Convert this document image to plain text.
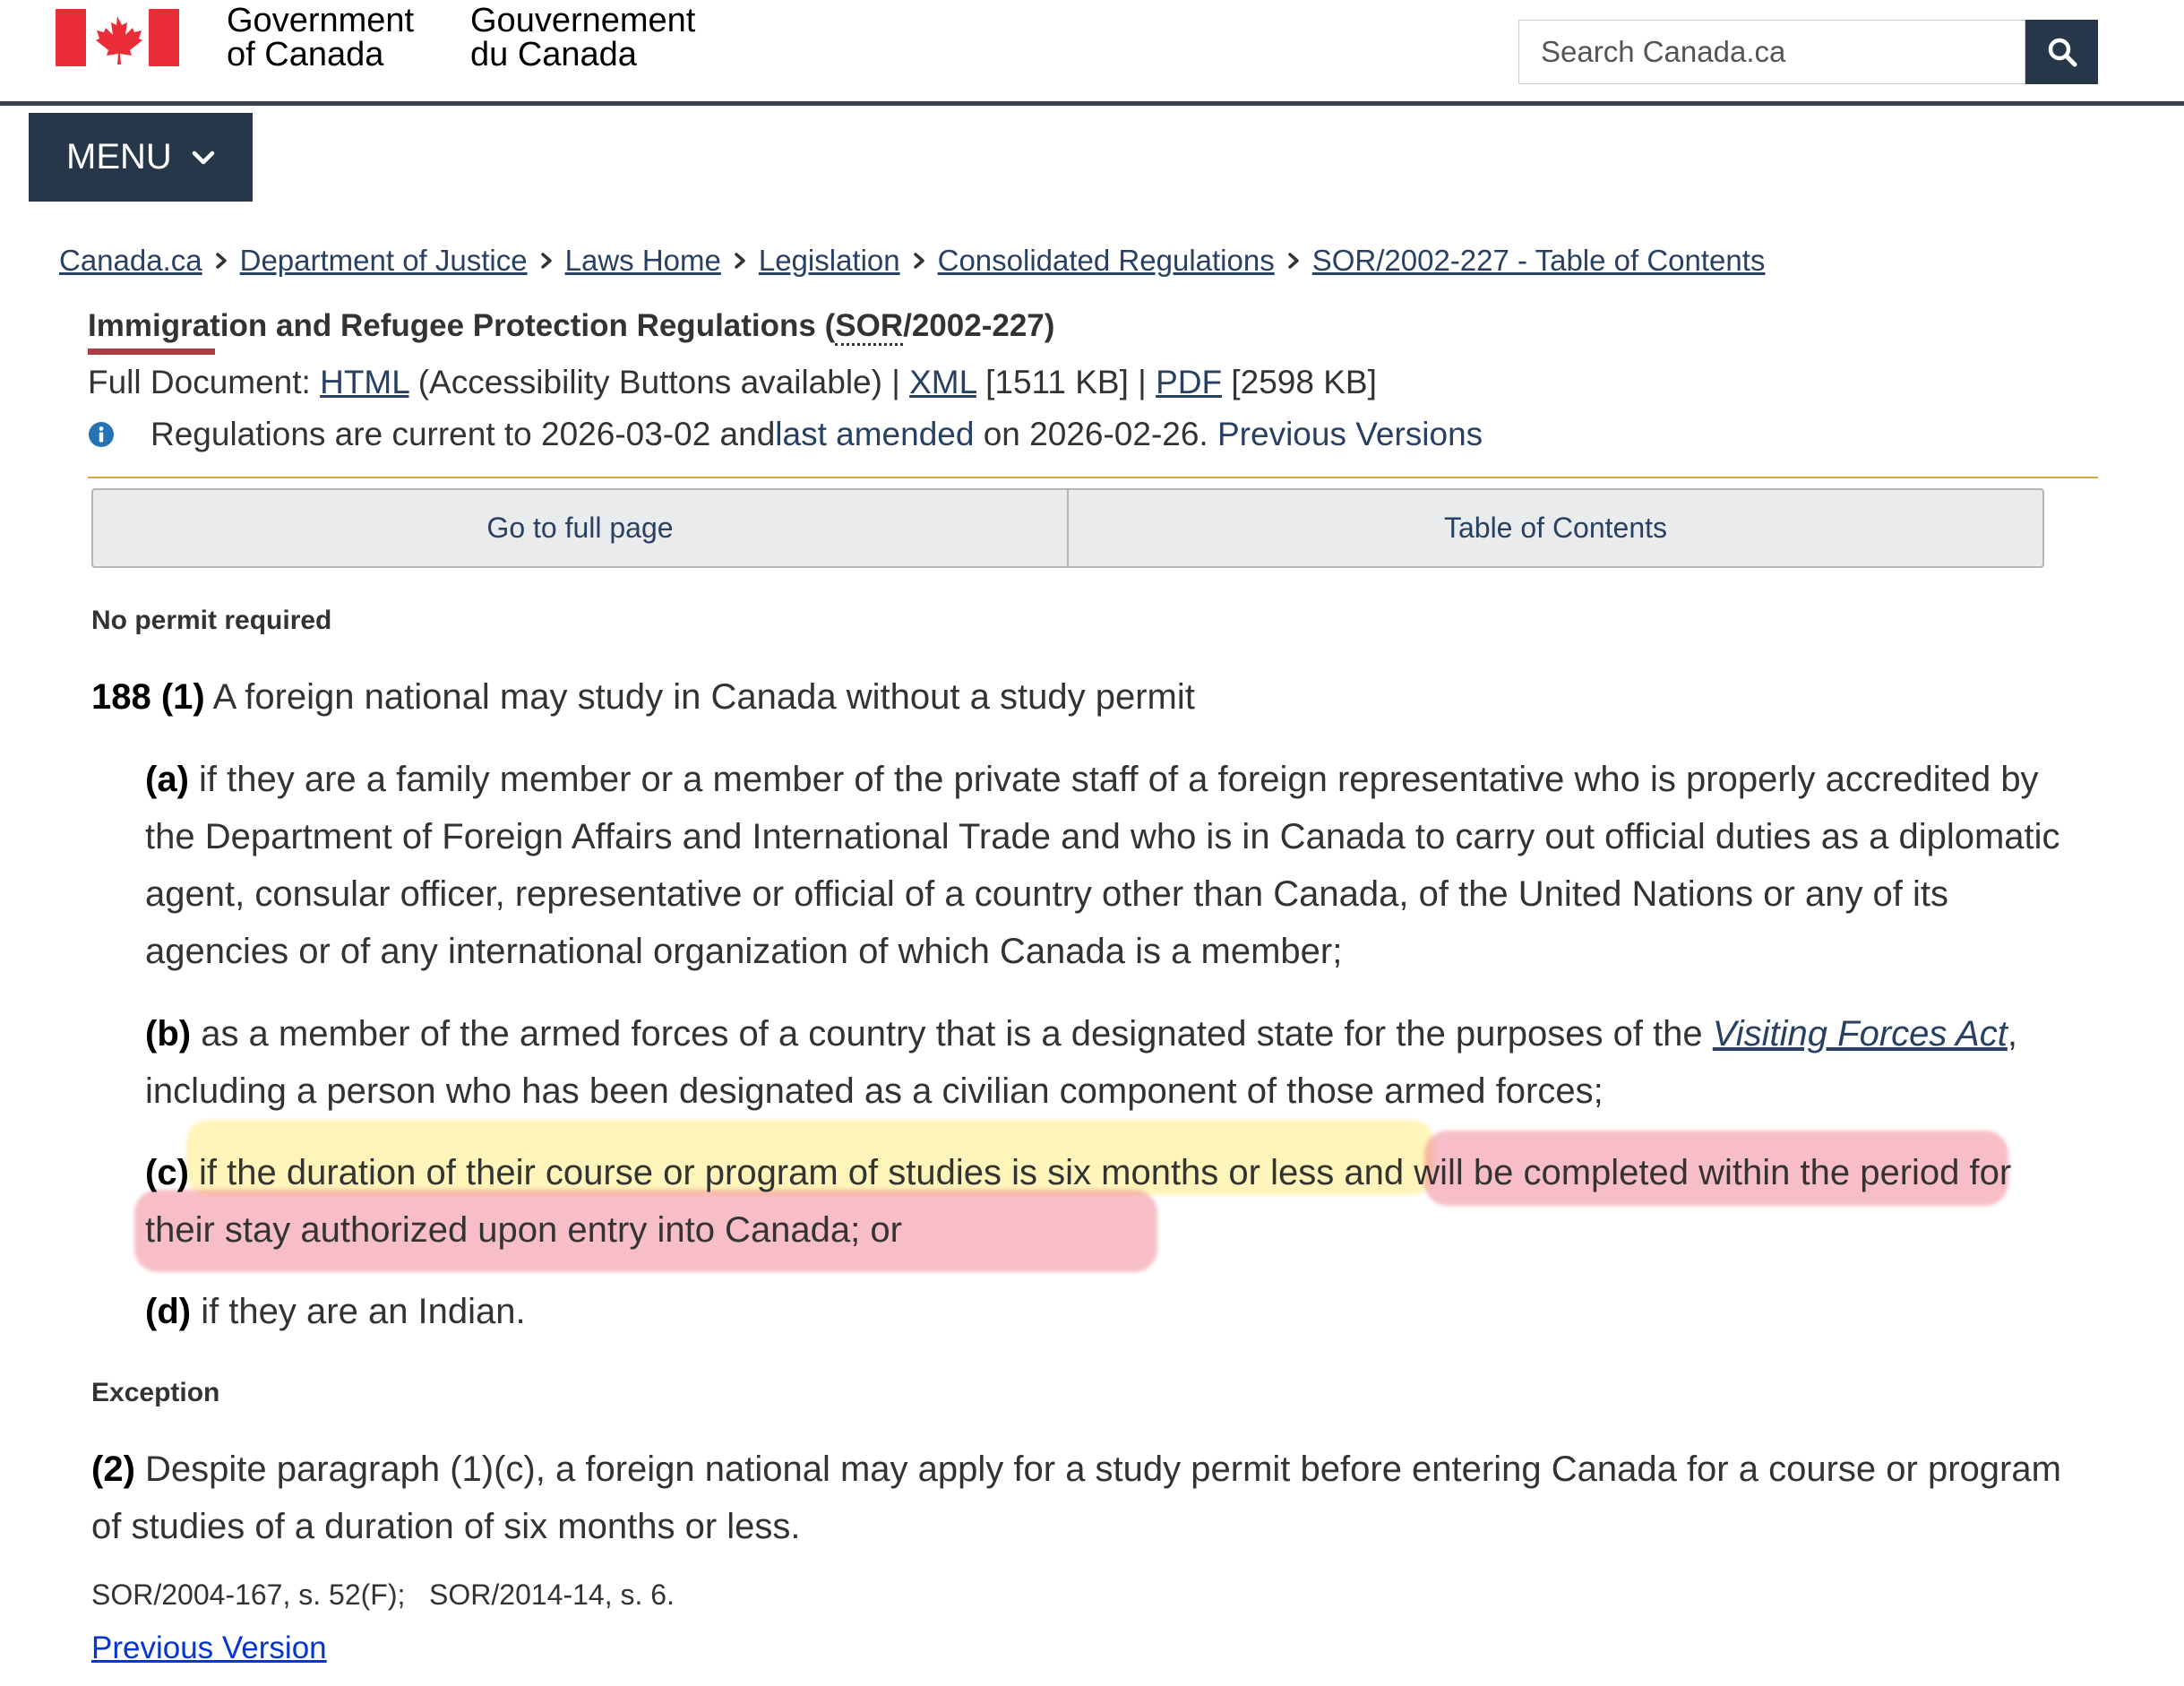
Government
of Canada
Gouvernement
du Canada
Search Canada.ca
MENU
Canada.ca Department of Justice Laws Home Legislation Consolidated Regulations SOR/2002-227 - Table of Contents
Immigration and Refugee Protection Regulations (SOR/2002-227)
Full Document: HTML (Accessibility Buttons available) | XML [1511 KB] | PDF [2598 KB]
Regulations are current to 2026-03-02 and last amended on 2026-02-26. Previous Versions
Go to full page	Table of Contents
No permit required
188 (1) A foreign national may study in Canada without a study permit
(a) if they are a family member or a member of the private staff of a foreign representative who is properly accredited by the Department of Foreign Affairs and International Trade and who is in Canada to carry out official duties as a diplomatic agent, consular officer, representative or official of a country other than Canada, of the United Nations or any of its agencies or of any international organization of which Canada is a member;
(b) as a member of the armed forces of a country that is a designated state for the purposes of the Visiting Forces Act, including a person who has been designated as a civilian component of those armed forces;
(c) if the duration of their course or program of studies is six months or less and will be completed within the period for their stay authorized upon entry into Canada; or
(d) if they are an Indian.
Exception
(2) Despite paragraph (1)(c), a foreign national may apply for a study permit before entering Canada for a course or program of studies of a duration of six months or less.
SOR/2004-167, s. 52(F);   SOR/2014-14, s. 6.
Previous Version
